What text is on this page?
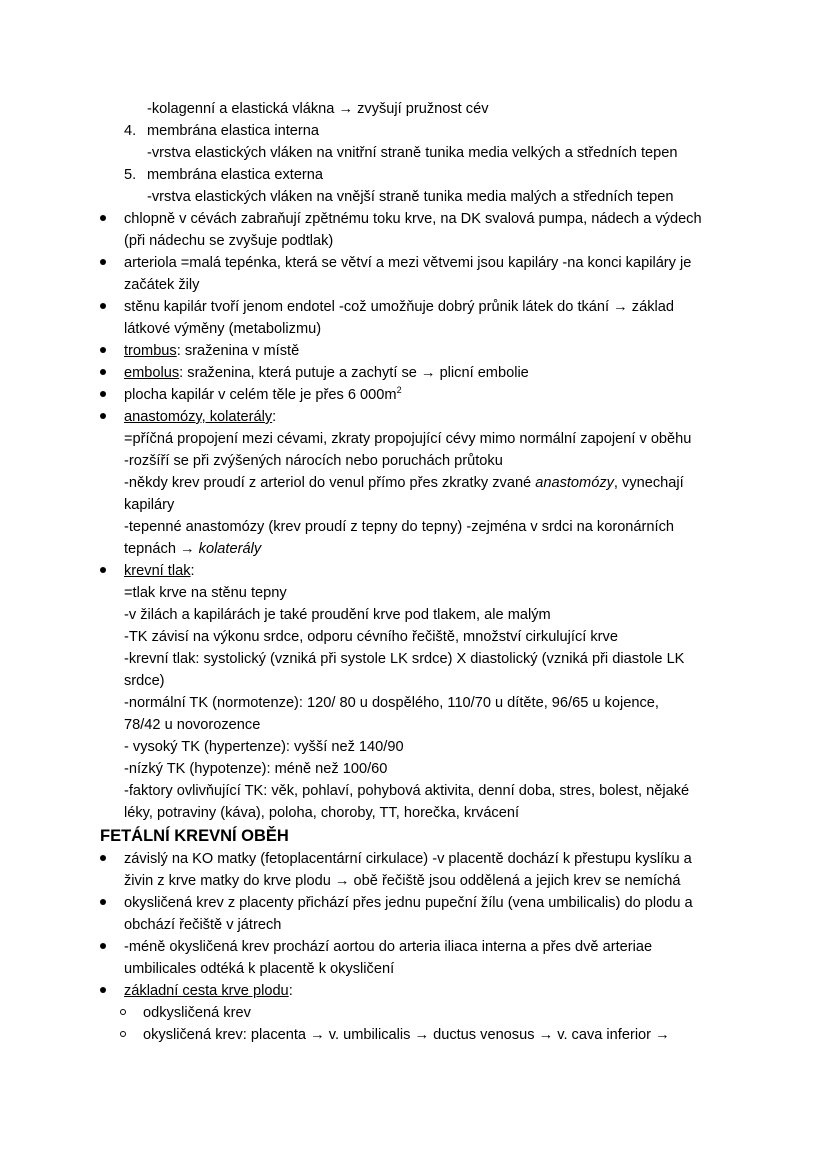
-kolagenní a elastická vlákna → zvyšují pružnost cév
4. membrána elastica interna
-vrstva elastických vláken na vnitřní straně tunika media velkých a středních tepen
5. membrána elastica externa
-vrstva elastických vláken na vnější straně tunika media malých a středních tepen
chlopně v cévách zabraňují zpětnému toku krve, na DK svalová pumpa, nádech a výdech
(při nádechu se zvyšuje podtlak)
arteriola =malá tepénka, která se větví a mezi větvemi jsou kapiláry -na konci kapiláry je
začátek žily
stěnu kapilár tvoří jenom endotel -což umožňuje dobrý průnik látek do tkání → základ
látkové výměny (metabolizmu)
trombus: sraženina v místě
embolus: sraženina, která putuje a zachytí se → plicní embolie
plocha kapilár v celém těle je přes 6 $000m^2$
anastomózy, kolaterály:
=příčná propojení mezi cévami, zkraty propojující cévy mimo normální zapojení v oběhu
-rozšíří se při zvýšených nárocích nebo poruchách průtoku
-někdy krev proudí z arteriol do venul přímo přes zkratky zvané anastomózy, vynechají
kapiláry
-tepenné anastomózy (krev proudí z tepny do tepny) -zejména v srdci na koronárních
tepnách → kolaterály
krevní tlak:
=tlak krve na stěnu tepny
-v žilách a kapilárách je také proudění krve pod tlakem, ale malým
-TK závisí na výkonu srdce, odporu cévního řečiště, množství cirkulující krve
-krevní tlak: systolický (vzniká při systole LK srdce) X diastolický (vzniká při diastole LK
srdce)
-normální TK (normotenze): 120/ 80 u dospělého, 110/70 u dítěte, 96/65 u kojence,
78/42 u novorozence
- vysoký TK (hypertenze): vyšší než 140/90
-nízký TK (hypotenze): méně než 100/60
-faktory ovlivňující TK: věk, pohlaví, pohybová aktivita, denní doba, stres, bolest, nějaké
léky, potraviny (káva), poloha, choroby, TT, horečka, krvácení
FETÁLNÍ KREVNÍ OBĚH
závislý na KO matky (fetoplacentární cirkulace) -v placentě dochází k přestupu kyslíku a
živin z krve matky do krve plodu → obě řečiště jsou oddělená a jejich krev se nemíchá
okysličená krev z placenty přichází přes jednu pupeční žílu (vena umbilicalis) do plodu a
obchází řečiště v játrech
-méně okysličená krev prochází aortou do arteria iliaca interna a přes dvě arteriae
umbilicales odtéká k placentě k okysličení
základní cesta krve plodu:
odkysličená krev
okysličená krev: placenta → v. umbilicalis → ductus venosus → v. cava inferior →
